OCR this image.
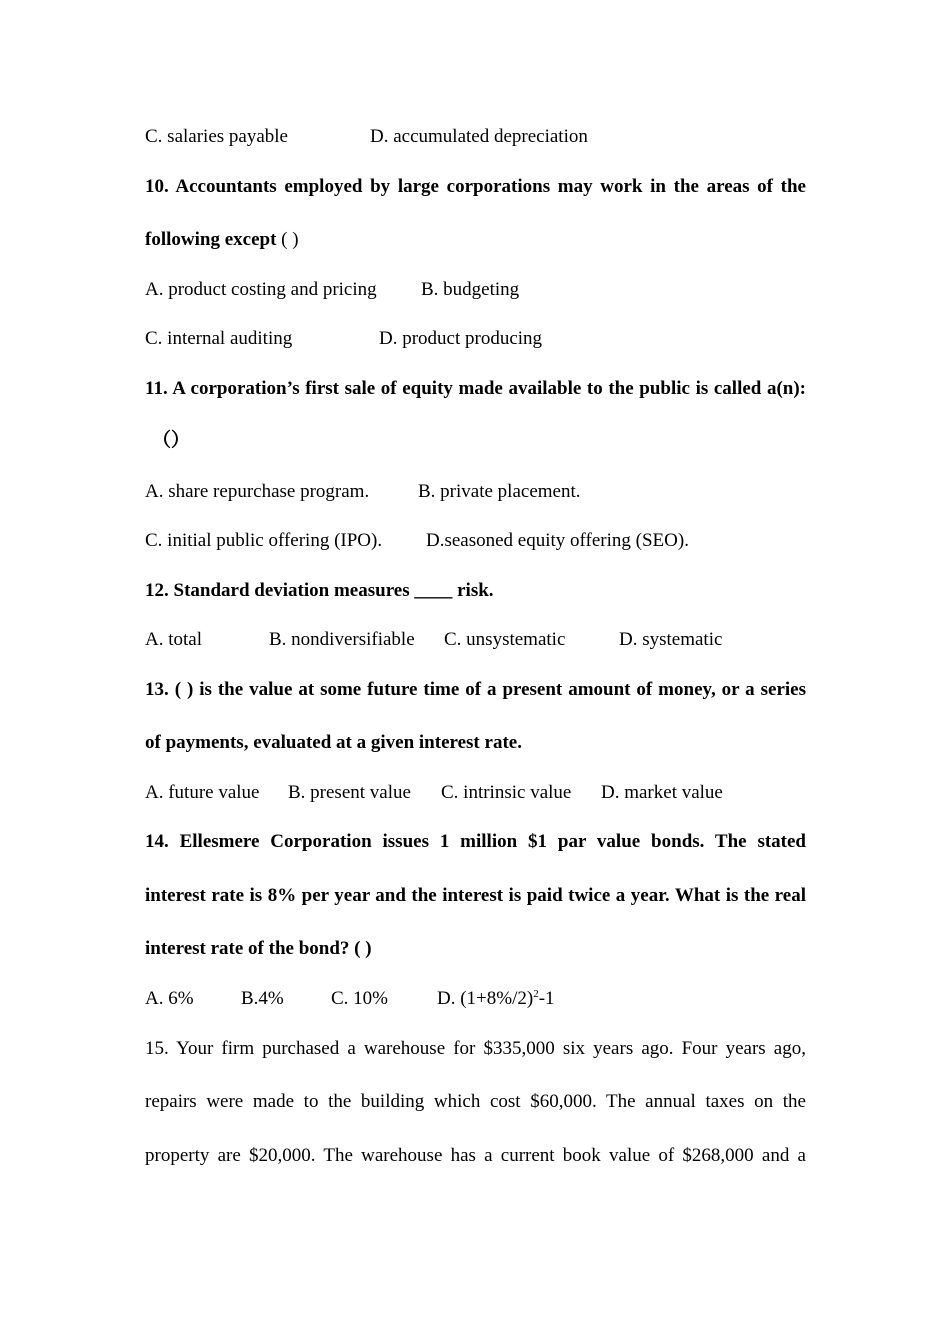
C. salaries payable	D. accumulated depreciation
10. Accountants employed by large corporations may work in the areas of the
following except ( )
A. product costing and pricing B. budgeting
C. internal auditing	D. product producing
11. A corporation’s first sale of equity made available to the public is called a(n):
（）
A. share repurchase program.	B. private placement.
C. initial public offering (IPO). D.seasoned equity offering (SEO).
12. Standard deviation measures ____ risk.
A. total	B. nondiversifiable C. unsystematic	D. systematic
13. ( ) is the value at some future time of a present amount of money, or a series
of payments, evaluated at a given interest rate.
A. future value B. present value C. intrinsic value D. market value
14. Ellesmere Corporation issues 1 million $1 par value bonds. The stated
interest rate is 8% per year and the interest is paid twice a year. What is the real
interest rate of the bond? ( )
A. 6% B.4% C. 10%	D. $(1+8\%/2)^2-1$
15. Your firm purchased a warehouse for $335,000 six years ago. Four years ago,
repairs were made to the building which cost $60,000. The annual taxes on the
property are $20,000. The warehouse has a current book value of $268,000 and a
